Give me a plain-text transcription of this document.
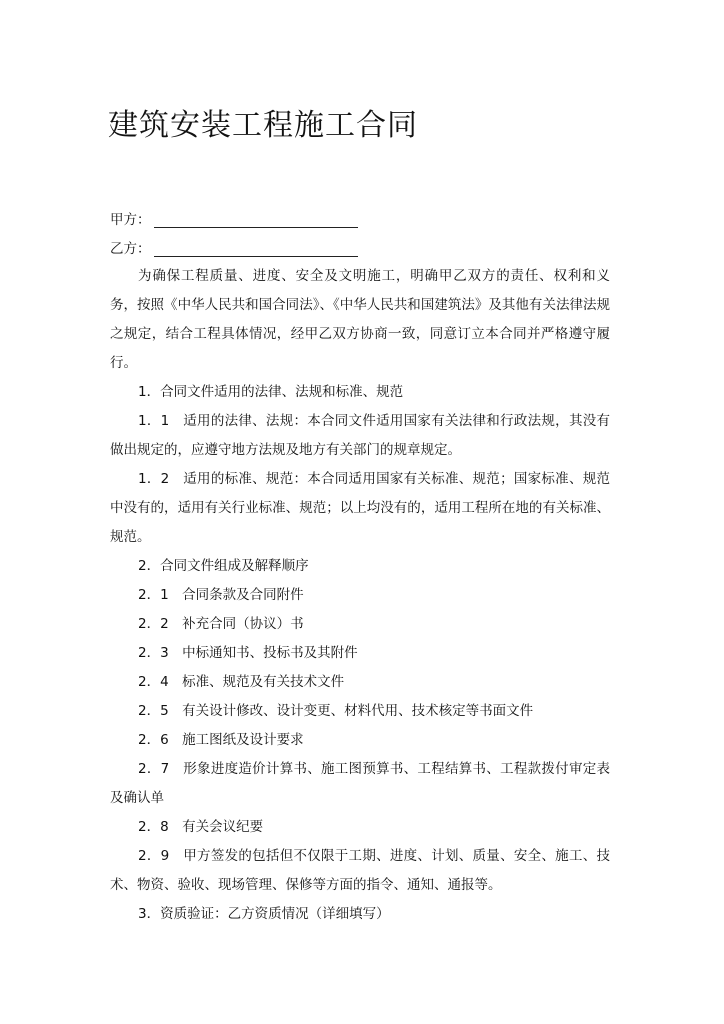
建筑安装工程施工合同
甲方：
乙方：

为确保工程质量、进度、安全及文明施工，明确甲乙双方的责任、权利和义务，按照《中华人民共和国合同法》、《中华人民共和国建筑法》及其他有关法律法规之规定，结合工程具体情况，经甲乙双方协商一致，同意订立本合同并严格遵守履行。

1．合同文件适用的法律、法规和标准、规范

1．1　适用的法律、法规：本合同文件适用国家有关法律和行政法规，其没有做出规定的，应遵守地方法规及地方有关部门的规章规定。

1．2　适用的标准、规范：本合同适用国家有关标准、规范；国家标准、规范中没有的，适用有关行业标准、规范；以上均没有的，适用工程所在地的有关标准、规范。

2．合同文件组成及解释顺序

2．1　合同条款及合同附件

2．2　补充合同（协议）书

2．3　中标通知书、投标书及其附件

2．4　标准、规范及有关技术文件

2．5　有关设计修改、设计变更、材料代用、技术核定等书面文件

2．6　施工图纸及设计要求

2．7　形象进度造价计算书、施工图预算书、工程结算书、工程款拨付审定表及确认单

2．8　有关会议纪要

2．9　甲方签发的包括但不仅限于工期、进度、计划、质量、安全、施工、技术、物资、验收、现场管理、保修等方面的指令、通知、通报等。

3．资质验证：乙方资质情况（详细填写）
